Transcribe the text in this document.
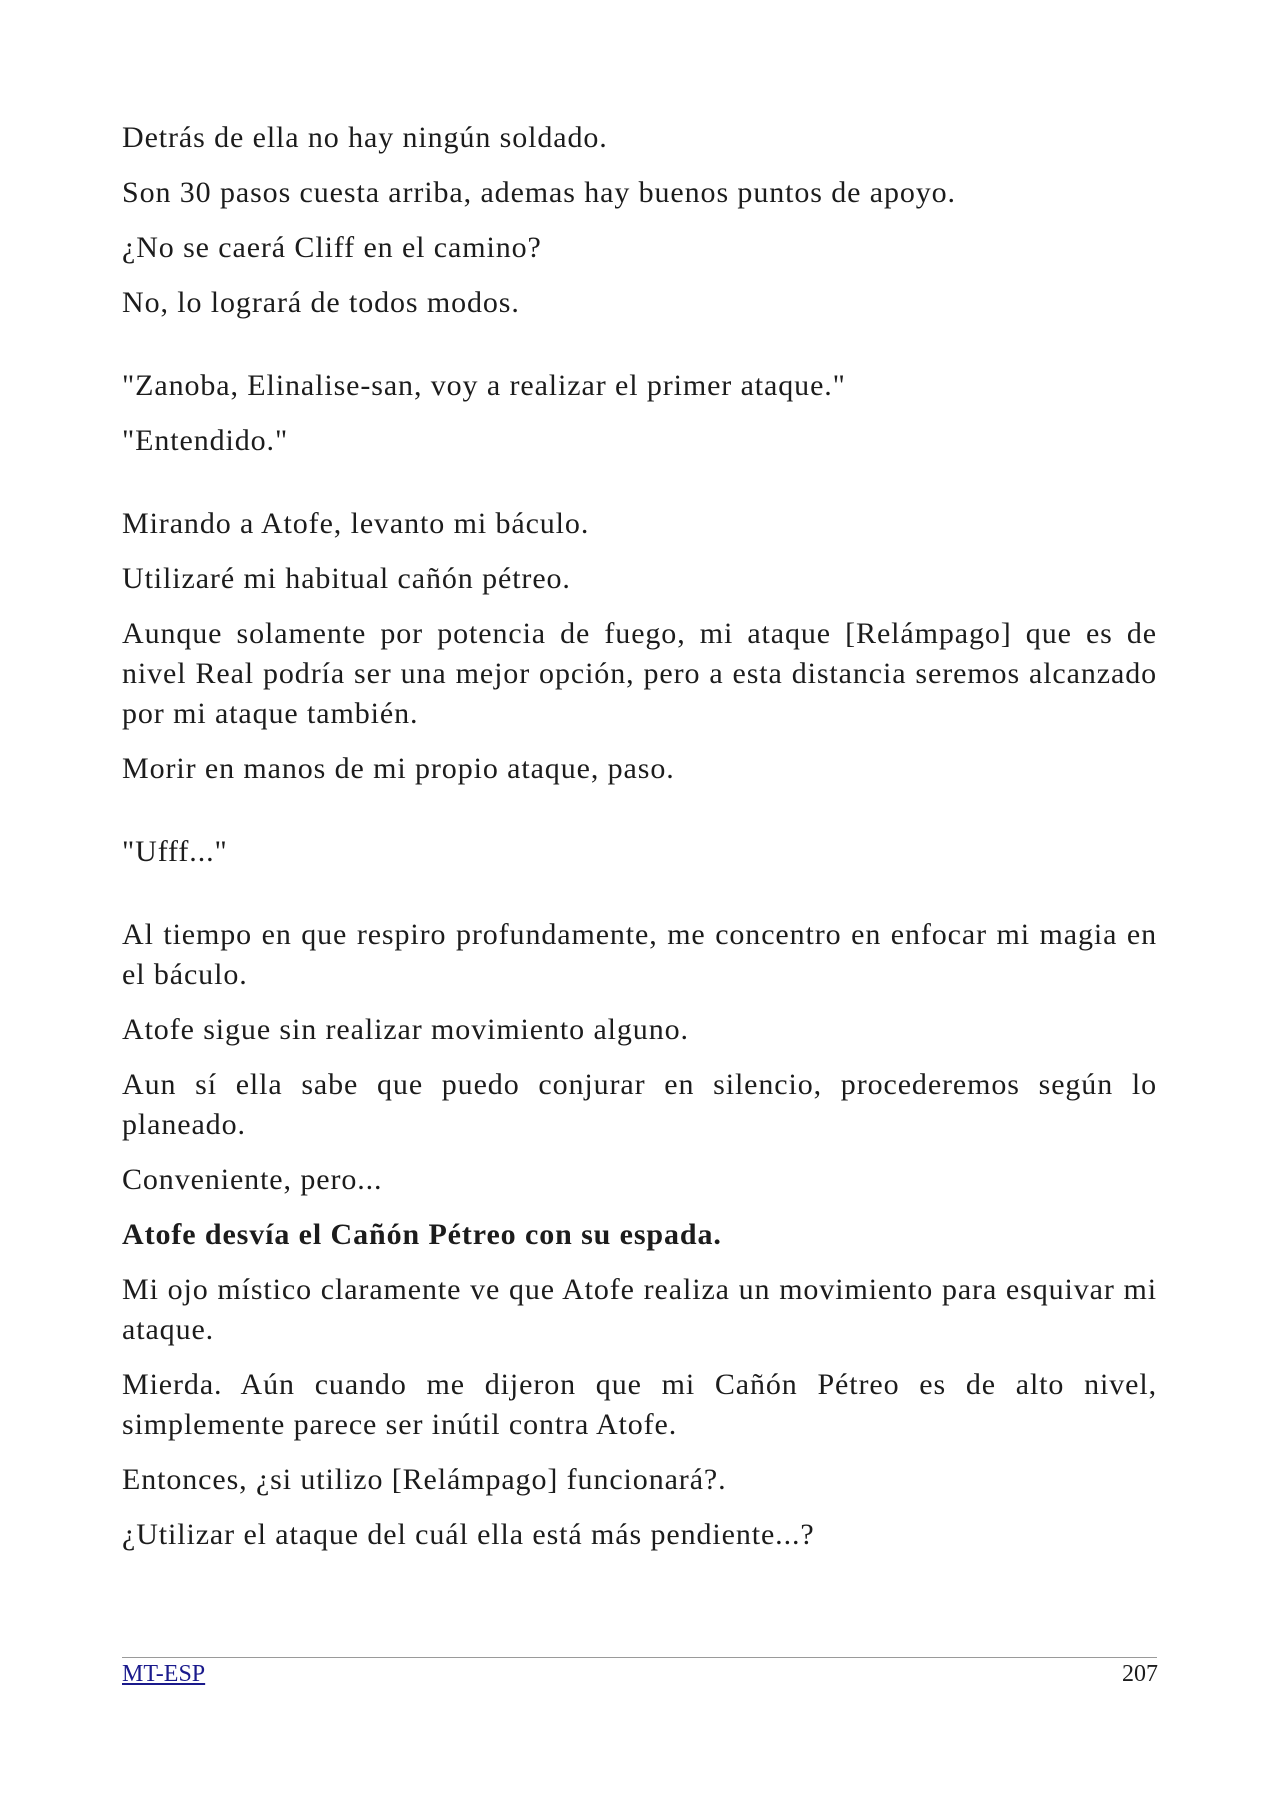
Detrás de ella no hay ningún soldado.

Son 30 pasos cuesta arriba, ademas hay buenos puntos de apoyo.

¿No se caerá Cliff en el camino?

No, lo logrará de todos modos.

"Zanoba, Elinalise-san, voy a realizar el primer ataque."

"Entendido."

Mirando a Atofe, levanto mi báculo.

Utilizaré mi habitual cañón pétreo.

Aunque solamente por potencia de fuego, mi ataque [Relámpago] que es de nivel Real podría ser una mejor opción, pero a esta distancia seremos alcanzado por mi ataque también.

Morir en manos de mi propio ataque, paso.

"Ufff..."

Al tiempo en que respiro profundamente, me concentro en enfocar mi magia en el báculo.

Atofe sigue sin realizar movimiento alguno.

Aun sí ella sabe que puedo conjurar en silencio, procederemos según lo planeado.

Conveniente, pero...

Atofe desvía el Cañón Pétreo con su espada.

Mi ojo místico claramente ve que Atofe realiza un movimiento para esquivar mi ataque.

Mierda. Aún cuando me dijeron que mi Cañón Pétreo es de alto nivel, simplemente parece ser inútil contra Atofe.

Entonces, ¿si utilizo [Relámpago] funcionará?.

¿Utilizar el ataque del cuál ella está más pendiente...?

MT-ESP	207
